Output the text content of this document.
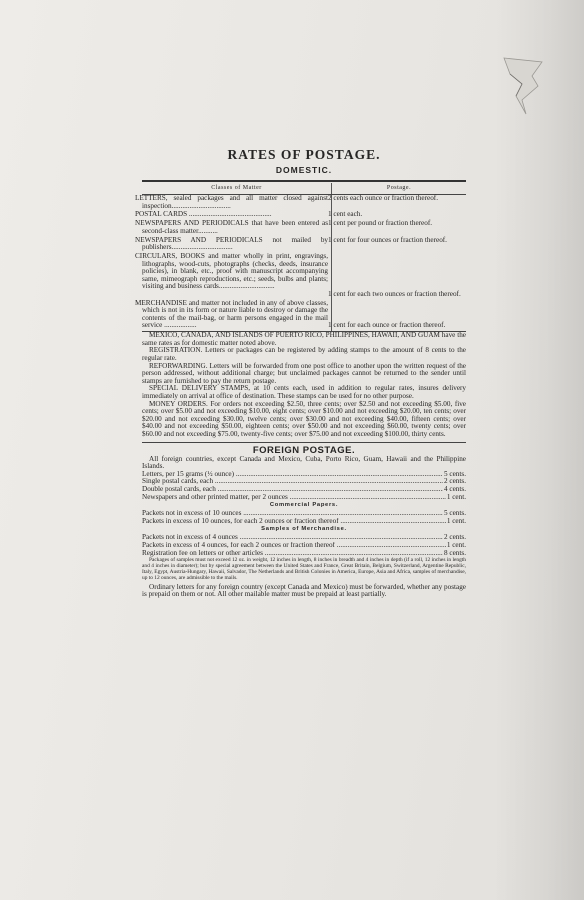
RATES OF POSTAGE.
DOMESTIC.
Classes of Matter	Postage.
LETTERS, sealed packages and all matter closed against inspection.................................	2 cents each ounce or fraction thereof.
POSTAL CARDS ..............................................	1 cent each.
NEWSPAPERS AND PERIODICALS that have been entered as second-class matter...........	1 cent per pound or fraction thereof.
NEWSPAPERS AND PERIODICALS not mailed by publishers..................................	1 cent for four ounces or fraction thereof.
CIRCULARS, BOOKS and matter wholly in print, engravings, lithographs, wood-cuts, photographs (checks, deeds, insurance policies), in blank, etc., proof with manuscript accompanying same, mimeograph reproductions, etc.; seeds, bulbs and plants; visiting and business cards...............................	1 cent for each two ounces or fraction thereof.

MERCHANDISE and matter not included in any of above classes, which is not in its form or nature liable to destroy or damage the contents of the mail-bag, or harm persons engaged in the mail service ..................	1 cent for each ounce or fraction thereof.

MEXICO, CANADA, AND ISLANDS OF PUERTO RICO, PHILIPPINES, HAWAII, AND GUAM have the same rates as for domestic matter noted above.

REGISTRATION. Letters or packages can be registered by adding stamps to the amount of 8 cents to the regular rate.

REFORWARDING. Letters will be forwarded from one post office to another upon the written request of the person addressed, without additional charge; but unclaimed packages cannot be returned to the sender until stamps are furnished to pay the return postage.

SPECIAL DELIVERY STAMPS, at 10 cents each, used in addition to regular rates, insures delivery immediately on arrival at office of destination. These stamps can be used for no other purpose.

MONEY ORDERS. For orders not exceeding $2.50, three cents; over $2.50 and not exceeding $5.00, five cents; over $5.00 and not exceeding $10.00, eight cents; over $10.00 and not exceeding $20.00, ten cents; over $20.00 and not exceeding $30.00, twelve cents; over $30.00 and not exceeding $40.00, fifteen cents; over $40.00 and not exceeding $50.00, eighteen cents; over $50.00 and not exceeding $60.00, twenty cents; over $60.00 and not exceeding $75.00, twenty-five cents; over $75.00 and not exceeding $100.00, thirty cents.

FOREIGN POSTAGE.

All foreign countries, except Canada and Mexico, Cuba, Porto Rico, Guam, Hawaii and the Philippine Islands.

Letters, per 15 grams (½ ounce) .....	5 cents.
Single postal cards, each .....	2 cents.
Double postal cards, each .....	4 cents.
Newspapers and other printed matter, per 2 ounces .....	1 cent.
Commercial Papers.
Packets not in excess of 10 ounces .....	5 cents.
Packets in excess of 10 ounces, for each 2 ounces or fraction thereof .....	1 cent.
Samples of Merchandise.
Packets not in excess of 4 ounces .....	2 cents.
Packets in excess of 4 ounces, for each 2 ounces or fraction thereof .....	1 cent.
Registration fee on letters or other articles .....	8 cents.

Packages of samples must not exceed 12 oz. in weight, 12 inches in length, 8 inches in breadth and 4 inches in depth (if a roll, 12 inches in length and 4 inches in diameter); but by special agreement between the United States and France, Great Britain, Belgium, Switzerland, Argentine Republic, Italy, Egypt, Austria-Hungary, Hawaii, Salvador, The Netherlands and British Colonies in America, Europe, Asia and Africa, samples of merchandise, up to 12 ounces, are admissible to the mails.

Ordinary letters for any foreign country (except Canada and Mexico) must be forwarded, whether any postage is prepaid on them or not. All other mailable matter must be prepaid at least partially.
